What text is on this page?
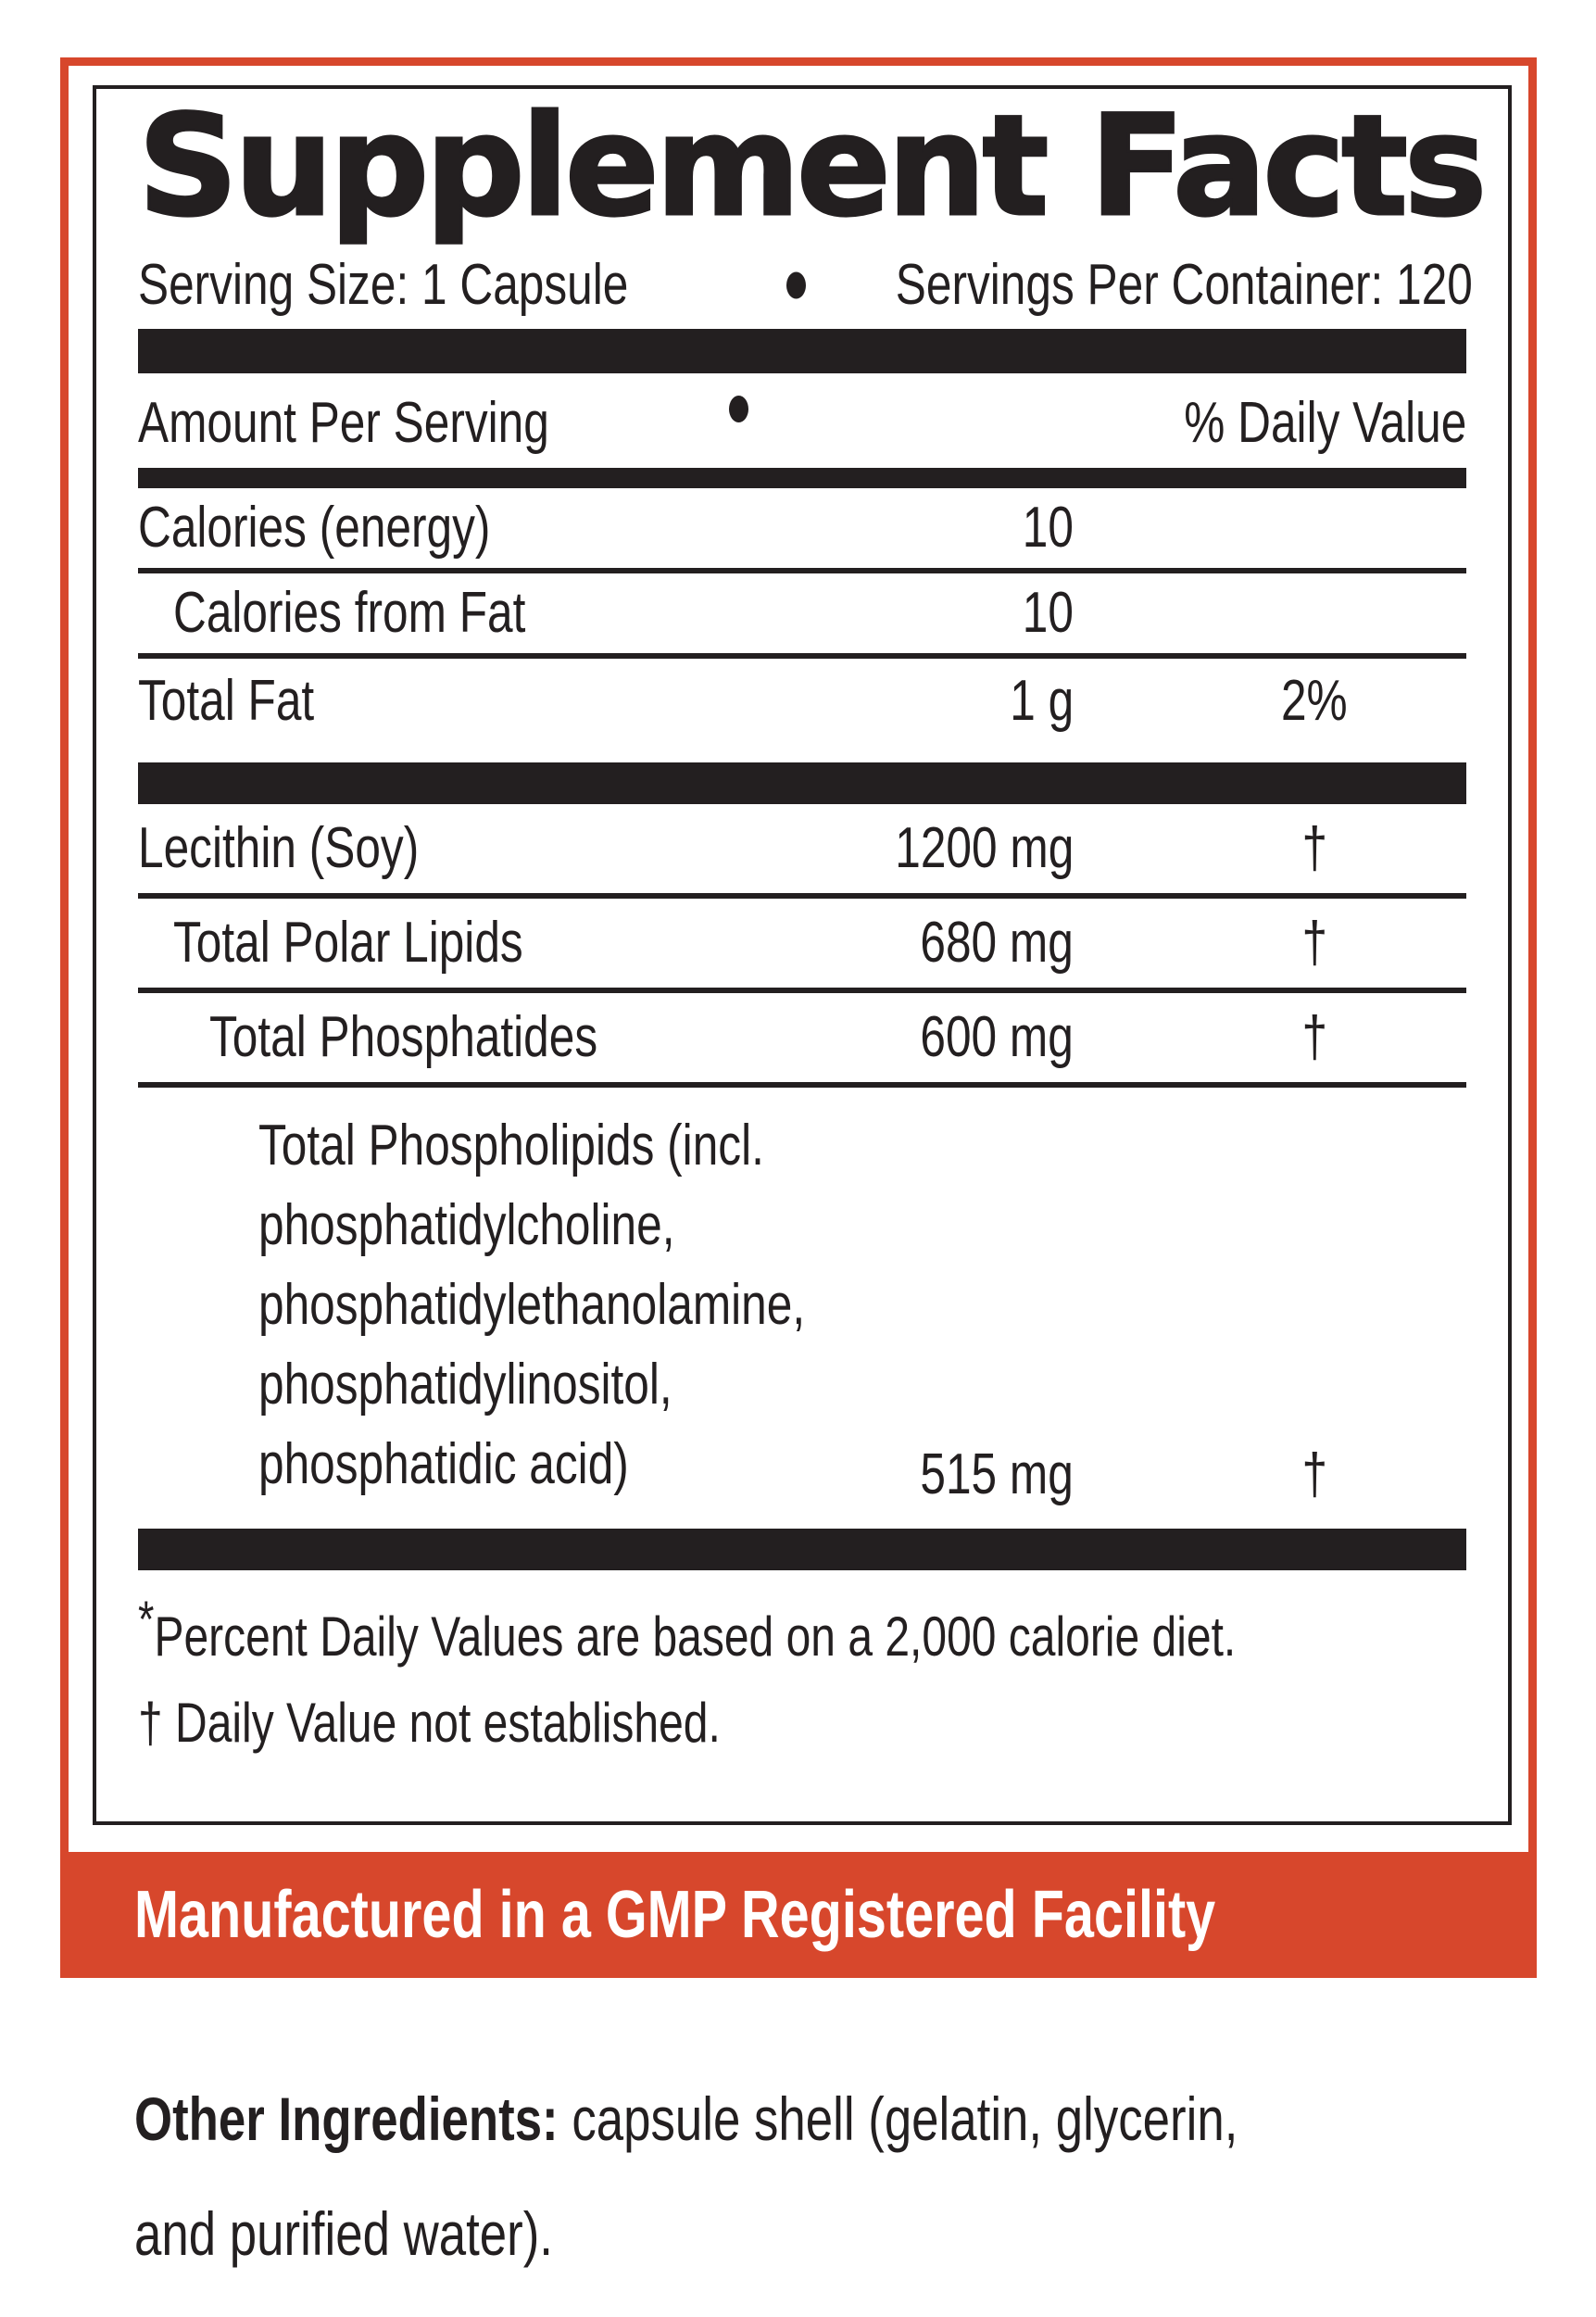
Supplement Facts
Serving Size: 1 Capsule	Servings Per Container: 120
Amount Per Serving	% Daily Value
Calories (energy)	10
Calories from Fat	10
Total Fat	1 g	2%
Lecithin (Soy)	1200 mg	†
Total Polar Lipids	680 mg	†
Total Phosphatides	600 mg	†
Total Phospholipids (incl.
phosphatidylcholine,
phosphatidylethanolamine,
phosphatidylinositol,
phosphatidic acid)	515 mg	†
*Percent Daily Values are based on a 2,000 calorie diet.
† Daily Value not established.
Manufactured in a GMP Registered Facility
Other Ingredients: capsule shell (gelatin, glycerin, and purified water).
